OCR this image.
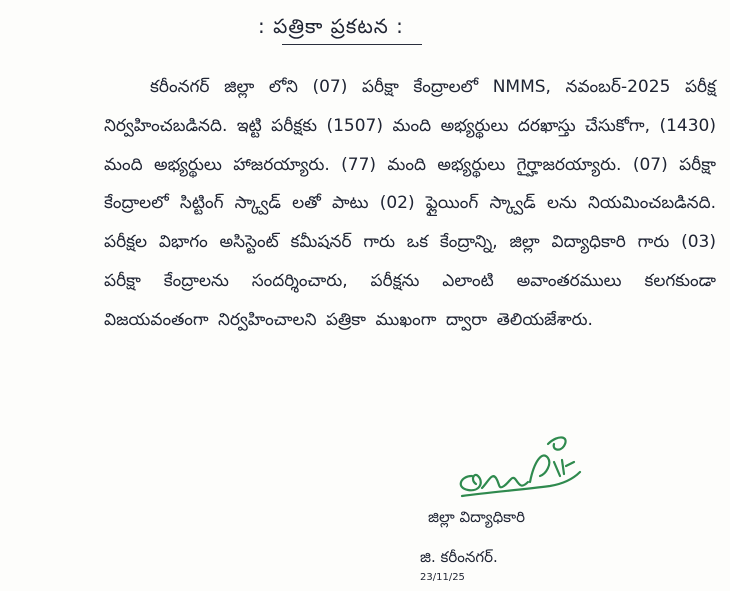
: పత్రికా ప్రకటన :
కరీంనగర్ జిల్లా లోని (07) పరీక్షా కేంద్రాలలో NMMS, నవంబర్-2025 పరీక్ష నిర్వహించబడినది. ఇట్టి పరీక్షకు (1507) మంది అభ్యర్థులు దరఖాస్తు చేసుకోగా, (1430) మంది అభ్యర్థులు హాజరయ్యారు. (77) మంది అభ్యర్థులు గైర్హాజరయ్యారు. (07) పరీక్షా కేంద్రాలలో సిట్టింగ్ స్క్వాడ్ లతో పాటు (02) ఫ్లైయింగ్ స్క్వాడ్ లను నియమించబడినది. పరీక్షల విభాగం అసిస్టెంట్ కమీషనర్ గారు ఒక కేంద్రాన్ని, జిల్లా విద్యాధికారి గారు (03) పరీక్షా కేంద్రాలను సందర్శించారు, పరీక్షను ఎలాంటి అవాంతరములు కలగకుండా విజయవంతంగా నిర్వహించాలని పత్రికా ముఖంగా ద్వారా తెలియజేశారు.
జిల్లా విద్యాధికారి
జి. కరీంనగర్.
23/11/25
